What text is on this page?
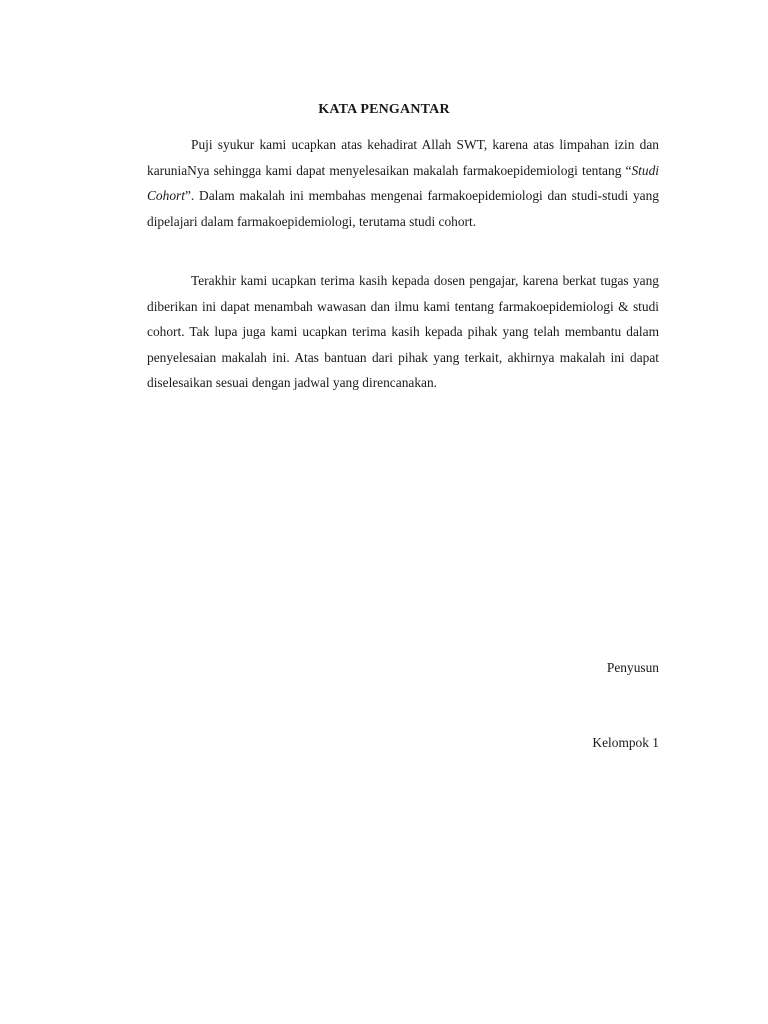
KATA PENGANTAR

Puji syukur kami ucapkan atas kehadirat Allah SWT, karena atas limpahan izin dan karuniaNya sehingga kami dapat menyelesaikan makalah farmakoepidemiologi tentang “Studi Cohort”. Dalam makalah ini membahas mengenai farmakoepidemiologi dan studi-studi yang dipelajari dalam farmakoepidemiologi, terutama studi cohort.

Terakhir kami ucapkan terima kasih kepada dosen pengajar, karena berkat tugas yang diberikan ini dapat menambah wawasan dan ilmu kami tentang farmakoepidemiologi & studi cohort. Tak lupa juga kami ucapkan terima kasih kepada pihak yang telah membantu dalam penyelesaian makalah ini. Atas bantuan dari pihak yang terkait, akhirnya makalah ini dapat diselesaikan sesuai dengan jadwal yang direncanakan.

Penyusun
Kelompok 1
